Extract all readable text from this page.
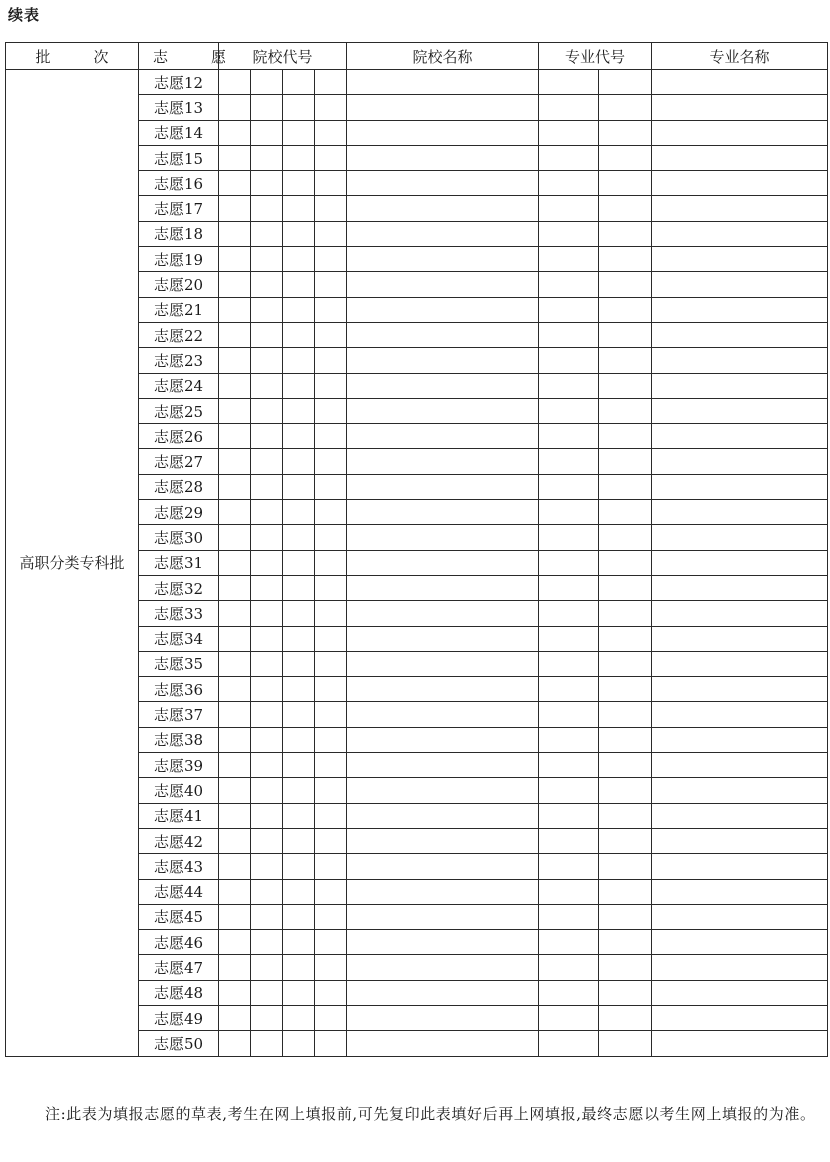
续表
批　次	志　愿	院校代号				院校名称	专业代号		专业名称
高职分类专科批	志愿12								
	志愿13								
	志愿14								
	志愿15								
	志愿16								
	志愿17								
	志愿18								
	志愿19								
	志愿20								
	志愿21								
	志愿22								
	志愿23								
	志愿24								
	志愿25								
	志愿26								
	志愿27								
	志愿28								
	志愿29								
	志愿30								
	志愿31								
	志愿32								
	志愿33								
	志愿34								
	志愿35								
	志愿36								
	志愿37								
	志愿38								
	志愿39								
	志愿40								
	志愿41								
	志愿42								
	志愿43								
	志愿44								
	志愿45								
	志愿46								
	志愿47								
	志愿48								
	志愿49								
	志愿50								
注:此表为填报志愿的草表,考生在网上填报前,可先复印此表填好后再上网填报,最终志愿以考生网上填报的为准。
